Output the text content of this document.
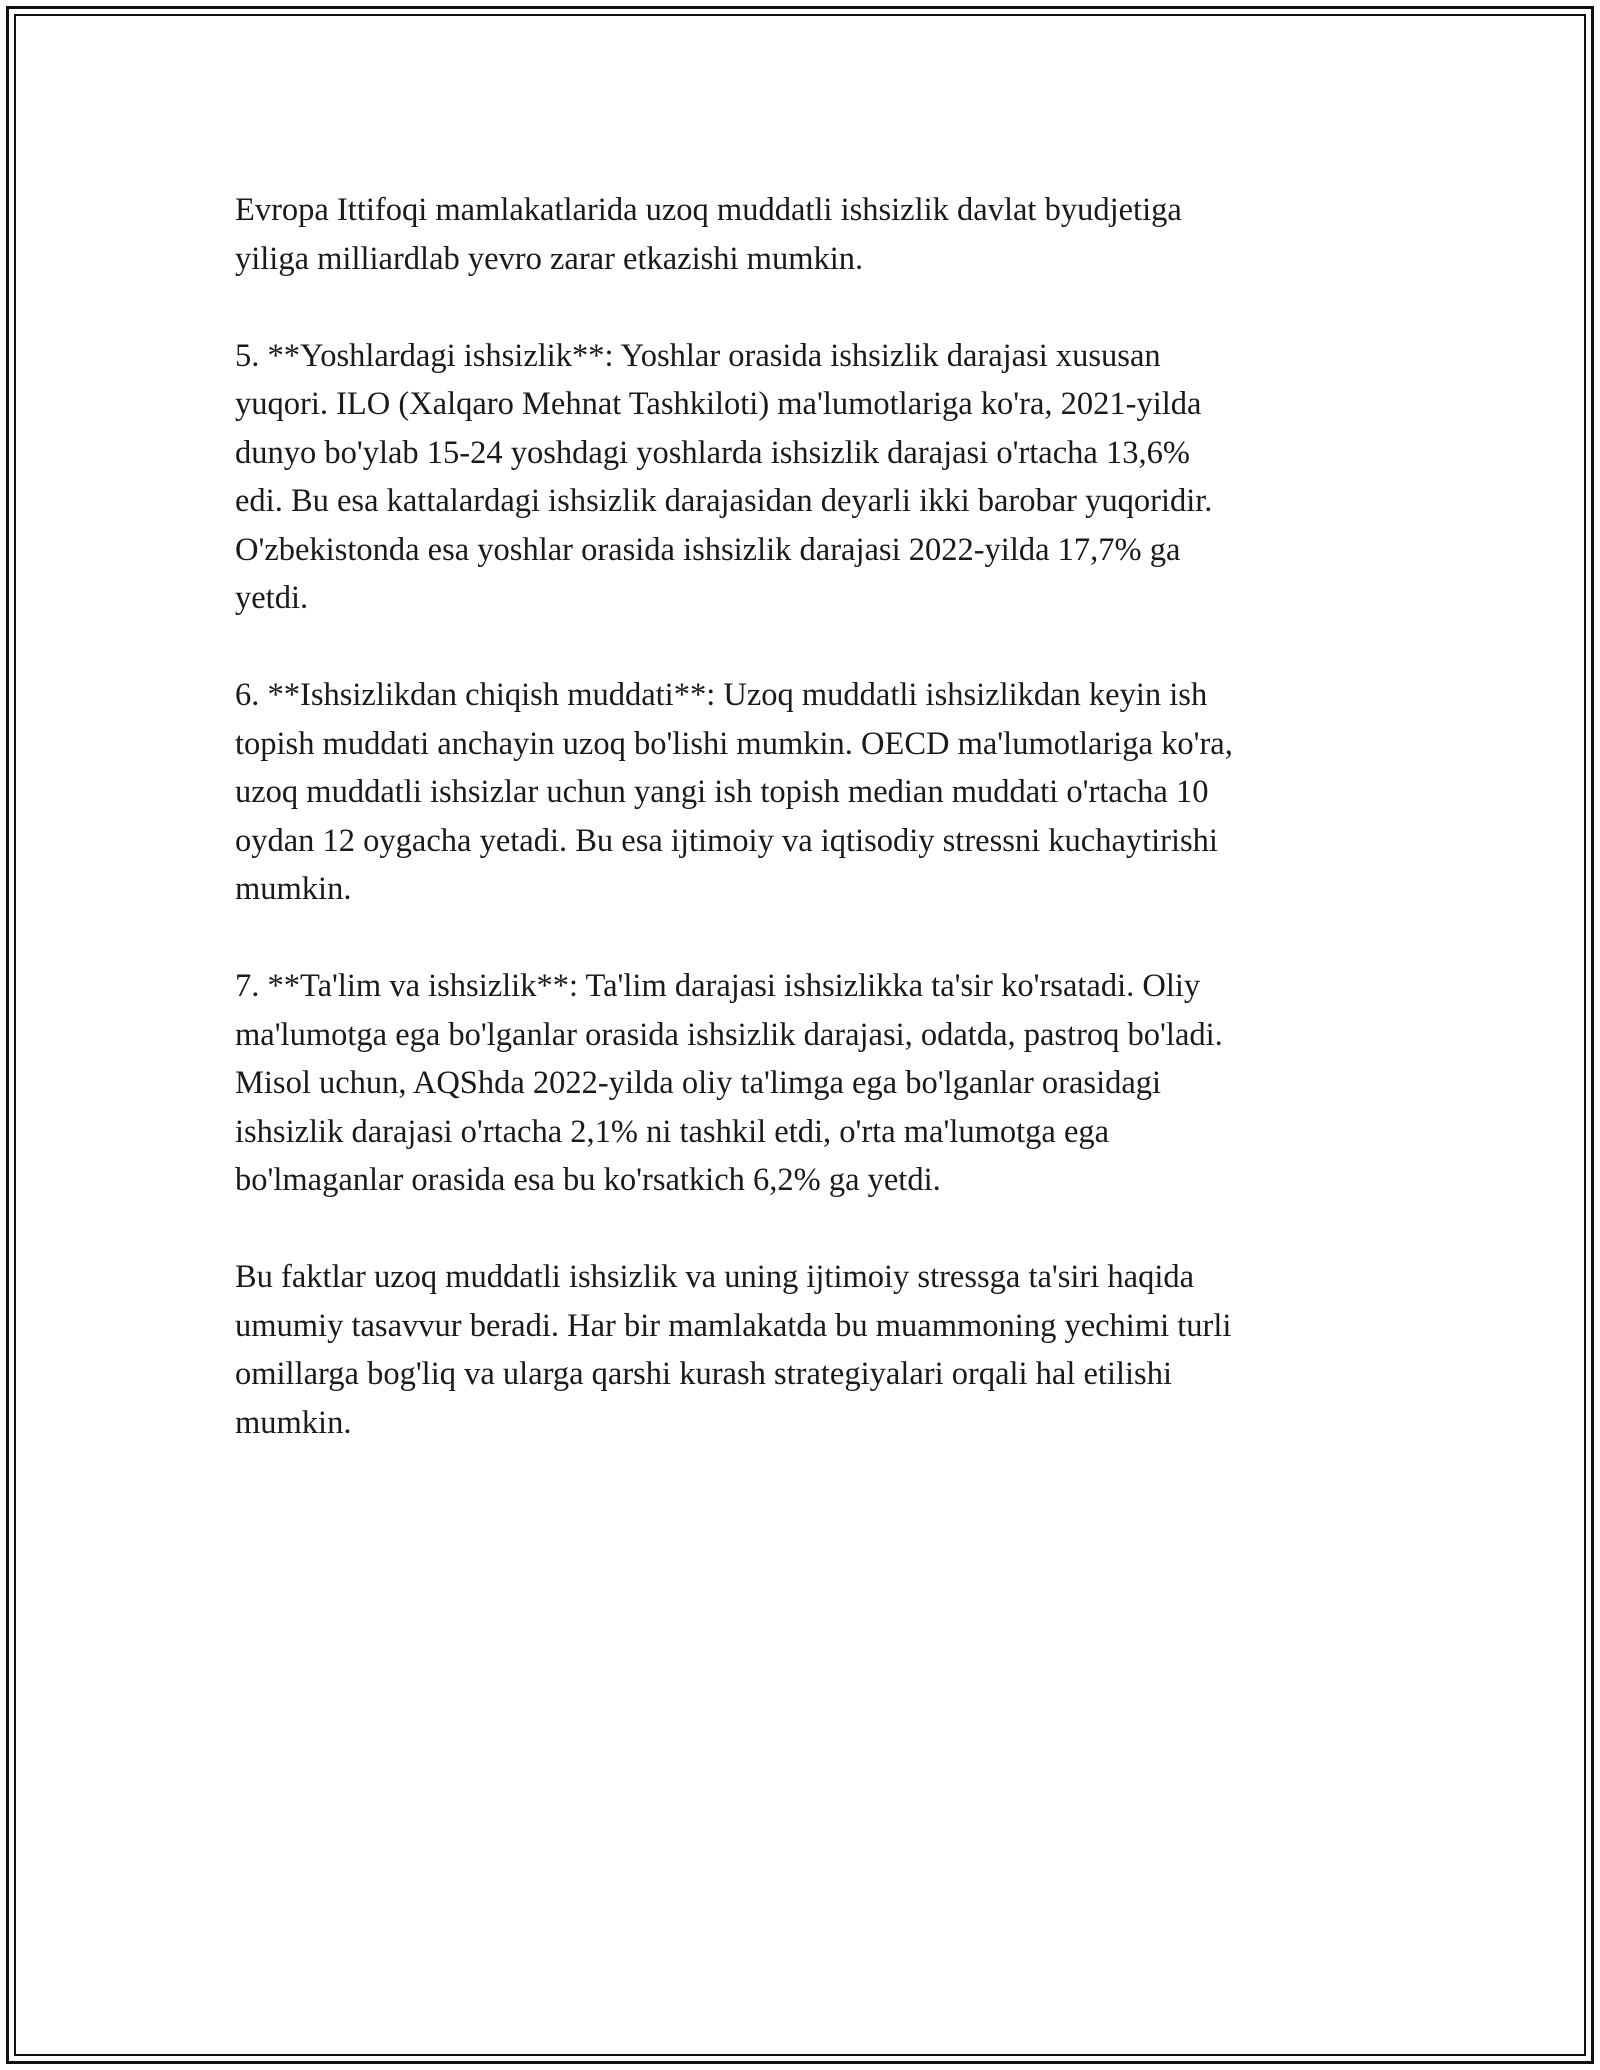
Evropa Ittifoqi mamlakatlarida uzoq muddatli ishsizlik davlat byudjetiga
yiliga milliardlab yevro zarar etkazishi mumkin.

5. **Yoshlardagi ishsizlik**: Yoshlar orasida ishsizlik darajasi xususan
yuqori. ILO (Xalqaro Mehnat Tashkiloti) ma'lumotlariga ko'ra, 2021-yilda
dunyo bo'ylab 15-24 yoshdagi yoshlarda ishsizlik darajasi o'rtacha 13,6%
edi. Bu esa kattalardagi ishsizlik darajasidan deyarli ikki barobar yuqoridir.
O'zbekistonda esa yoshlar orasida ishsizlik darajasi 2022-yilda 17,7% ga
yetdi.

6. **Ishsizlikdan chiqish muddati**: Uzoq muddatli ishsizlikdan keyin ish
topish muddati anchayin uzoq bo'lishi mumkin. OECD ma'lumotlariga ko'ra,
uzoq muddatli ishsizlar uchun yangi ish topish median muddati o'rtacha 10
oydan 12 oygacha yetadi. Bu esa ijtimoiy va iqtisodiy stressni kuchaytirishi
mumkin.

7. **Ta'lim va ishsizlik**: Ta'lim darajasi ishsizlikka ta'sir ko'rsatadi. Oliy
ma'lumotga ega bo'lganlar orasida ishsizlik darajasi, odatda, pastroq bo'ladi.
Misol uchun, AQShda 2022-yilda oliy ta'limga ega bo'lganlar orasidagi
ishsizlik darajasi o'rtacha 2,1% ni tashkil etdi, o'rta ma'lumotga ega
bo'lmaganlar orasida esa bu ko'rsatkich 6,2% ga yetdi.

Bu faktlar uzoq muddatli ishsizlik va uning ijtimoiy stressga ta'siri haqida
umumiy tasavvur beradi. Har bir mamlakatda bu muammoning yechimi turli
omillarga bog'liq va ularga qarshi kurash strategiyalari orqali hal etilishi
mumkin.
